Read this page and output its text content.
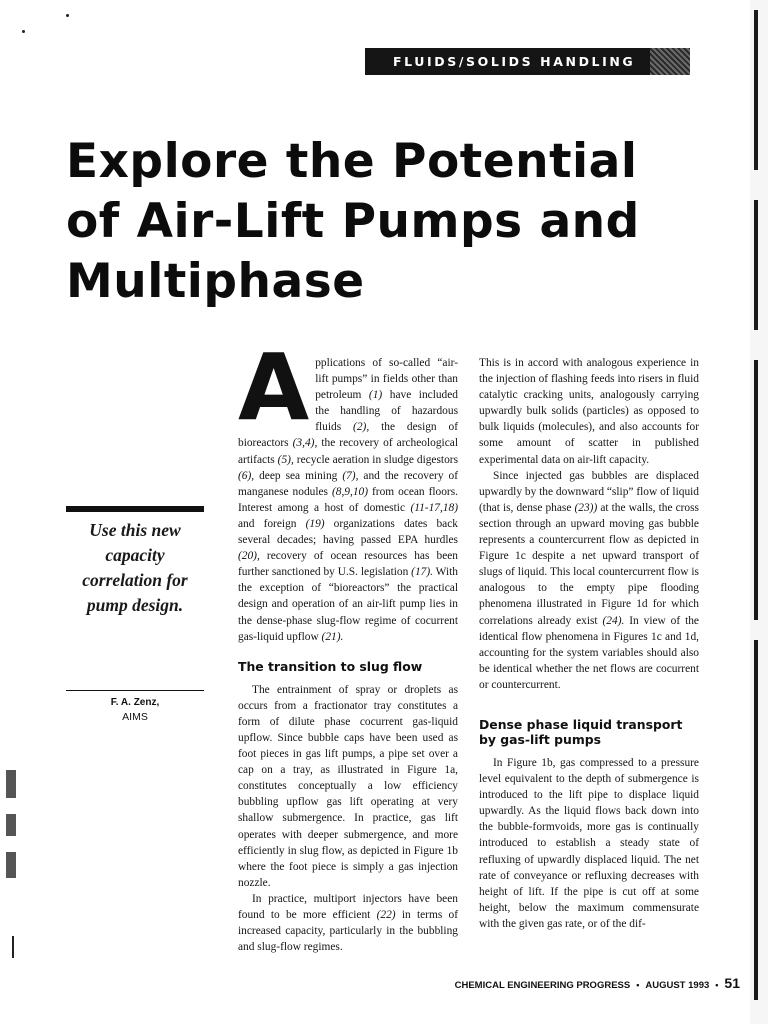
FLUIDS/SOLIDS HANDLING
Explore the Potential of Air-Lift Pumps and Multiphase

Use this new capacity correlation for pump design.

F. A. Zenz,
AIMS
A pplications of so-called “air-lift pumps” in fields other than petroleum (1) have included the handling of hazardous fluids (2), the design of bioreactors (3,4), the recovery of archeological artifacts (5), recycle aeration in sludge digestors (6), deep sea mining (7), and the recovery of manganese nodules (8,9,10) from ocean floors. Interest among a host of domestic (11-17,18) and foreign (19) organizations dates back several decades; having passed EPA hurdles (20), recovery of ocean resources has been further sanctioned by U.S. legislation (17). With the exception of “bioreactors” the practical design and operation of an air-lift pump lies in the dense-phase slug-flow regime of cocurrent gas-liquid upflow (21).

The transition to slug flow

The entrainment of spray or droplets as occurs from a fractionator tray constitutes a form of dilute phase cocurrent gas-liquid upflow. Since bubble caps have been used as foot pieces in gas lift pumps, a pipe set over a cap on a tray, as illustrated in Figure 1a, constitutes conceptually a low efficiency bubbling upflow gas lift operating at very shallow submergence. In practice, gas lift operates with deeper submergence, and more efficiently in slug flow, as depicted in Figure 1b where the foot piece is simply a gas injection nozzle.

In practice, multiport injectors have been found to be more efficient (22) in terms of increased capacity, particularly in the bubbling and slug-flow regimes.

This is in accord with analogous experience in the injection of flashing feeds into risers in fluid catalytic cracking units, analogously carrying upwardly bulk solids (particles) as opposed to bulk liquids (molecules), and also accounts for some amount of scatter in published experimental data on air-lift capacity.

Since injected gas bubbles are displaced upwardly by the downward “slip” flow of liquid (that is, dense phase (23)) at the walls, the cross section through an upward moving gas bubble represents a countercurrent flow as depicted in Figure 1c despite a net upward transport of slugs of liquid. This local countercurrent flow is analogous to the empty pipe flooding phenomena illustrated in Figure 1d for which correlations already exist (24). In view of the identical flow phenomena in Figures 1c and 1d, accounting for the system variables should also be identical whether the net flows are cocurrent or countercurrent.

Dense phase liquid transport by gas-lift pumps

In Figure 1b, gas compressed to a pressure level equivalent to the depth of submergence is introduced to the lift pipe to displace liquid upwardly. As the liquid flows back down into the bubble-formvoids, more gas is continually introduced to establish a steady state of refluxing of upwardly displaced liquid. The net rate of conveyance or refluxing decreases with height of lift. If the pipe is cut off at some height, below the maximum commensurate with the given gas rate, or of the dif-

CHEMICAL ENGINEERING PROGRESS • AUGUST 1993 • 51
